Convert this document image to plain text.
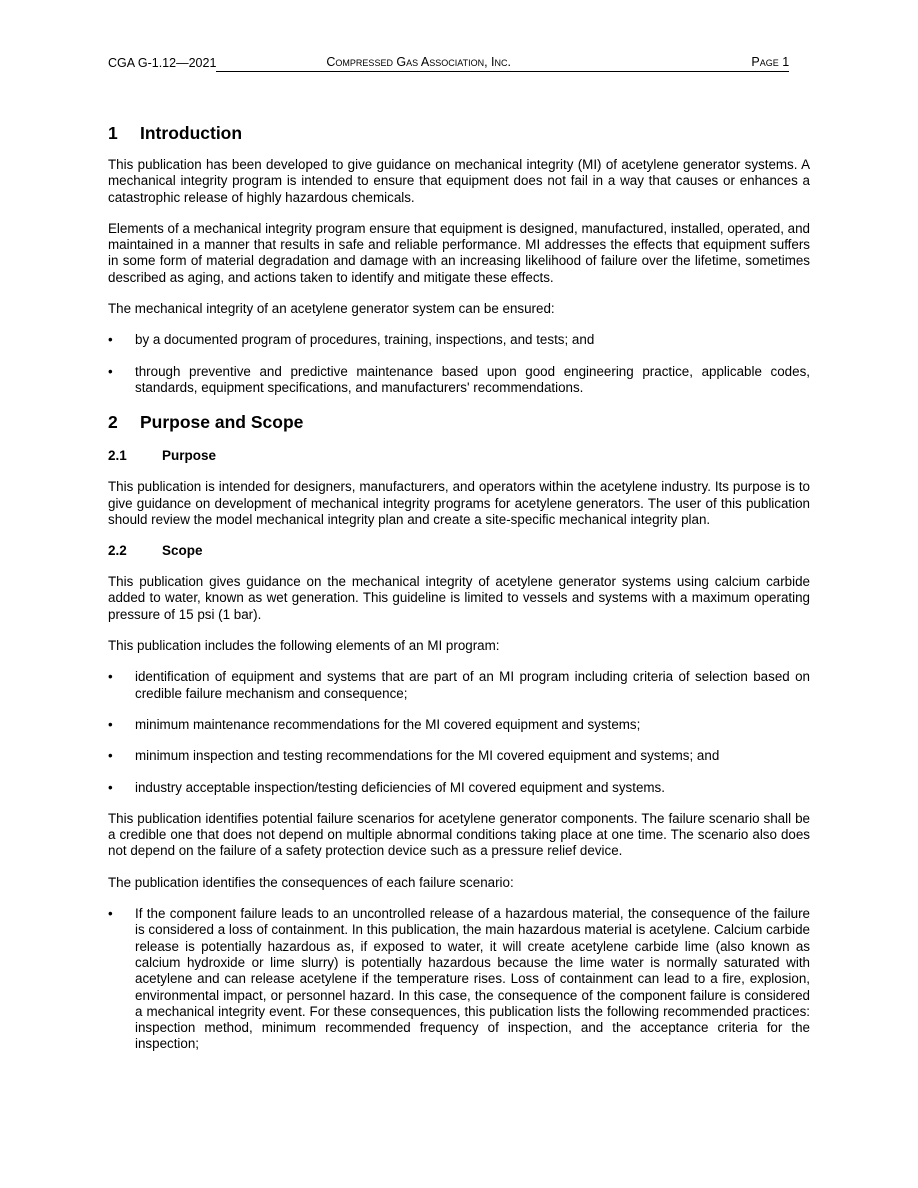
CGA G-1.12—2021	Compressed Gas Association, Inc.	Page 1
1	Introduction

This publication has been developed to give guidance on mechanical integrity (MI) of acetylene generator systems. A mechanical integrity program is intended to ensure that equipment does not fail in a way that causes or enhances a catastrophic release of highly hazardous chemicals.

Elements of a mechanical integrity program ensure that equipment is designed, manufactured, installed, operated, and maintained in a manner that results in safe and reliable performance. MI addresses the effects that equipment suffers in some form of material degradation and damage with an increasing likelihood of failure over the lifetime, sometimes described as aging, and actions taken to identify and mitigate these effects.

The mechanical integrity of an acetylene generator system can be ensured:

• by a documented program of procedures, training, inspections, and tests; and
• through preventive and predictive maintenance based upon good engineering practice, applicable codes, standards, equipment specifications, and manufacturers' recommendations.
2	Purpose and Scope
2.1	Purpose

This publication is intended for designers, manufacturers, and operators within the acetylene industry. Its purpose is to give guidance on development of mechanical integrity programs for acetylene generators. The user of this publication should review the model mechanical integrity plan and create a site-specific mechanical integrity plan.

2.2	Scope

This publication gives guidance on the mechanical integrity of acetylene generator systems using calcium carbide added to water, known as wet generation. This guideline is limited to vessels and systems with a maximum operating pressure of 15 psi (1 bar).

This publication includes the following elements of an MI program:

• identification of equipment and systems that are part of an MI program including criteria of selection based on credible failure mechanism and consequence;
• minimum maintenance recommendations for the MI covered equipment and systems;
• minimum inspection and testing recommendations for the MI covered equipment and systems; and
• industry acceptable inspection/testing deficiencies of MI covered equipment and systems.

This publication identifies potential failure scenarios for acetylene generator components. The failure scenario shall be a credible one that does not depend on multiple abnormal conditions taking place at one time. The scenario also does not depend on the failure of a safety protection device such as a pressure relief device.

The publication identifies the consequences of each failure scenario:

• If the component failure leads to an uncontrolled release of a hazardous material, the consequence of the failure is considered a loss of containment. In this publication, the main hazardous material is acetylene. Calcium carbide release is potentially hazardous as, if exposed to water, it will create acetylene carbide lime (also known as calcium hydroxide or lime slurry) is potentially hazardous because the lime water is normally saturated with acetylene and can release acetylene if the temperature rises. Loss of containment can lead to a fire, explosion, environmental impact, or personnel hazard. In this case, the consequence of the component failure is considered a mechanical integrity event. For these consequences, this publication lists the following recommended practices: inspection method, minimum recommended frequency of inspection, and the acceptance criteria for the inspection;
